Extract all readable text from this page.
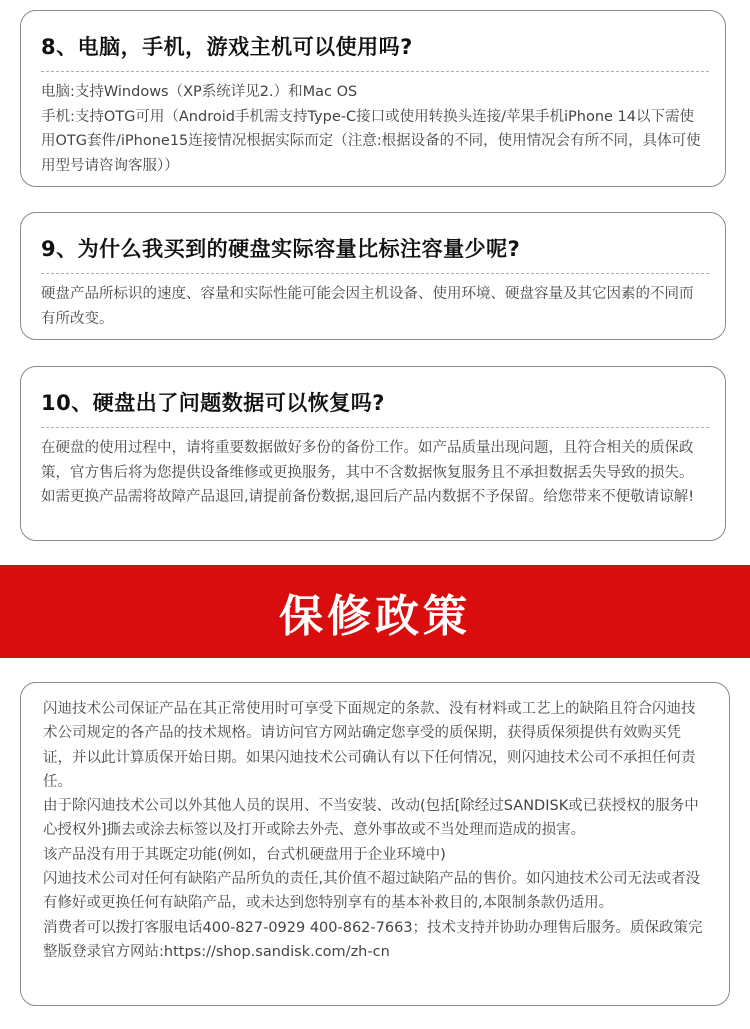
8、电脑，手机，游戏主机可以使用吗?

电脑:支持Windows（XP系统详见2.）和Mac OS

手机:支持OTG可用（Android手机需支持Type-C接口或使用转换头连接/苹果手机iPhone 14以下需使用OTG套件/iPhone15连接情况根据实际而定（注意:根据设备的不同，使用情况会有所不同，具体可使用型号请咨询客服））

9、为什么我买到的硬盘实际容量比标注容量少呢?

硬盘产品所标识的速度、容量和实际性能可能会因主机设备、使用环境、硬盘容量及其它因素的不同而有所改变。

10、硬盘出了问题数据可以恢复吗?

在硬盘的使用过程中，请将重要数据做好多份的备份工作。如产品质量出现问题，且符合相关的质保政策，官方售后将为您提供设备维修或更换服务，其中不含数据恢复服务且不承担数据丢失导致的损失。如需更换产品需将故障产品退回,请提前备份数据,退回后产品内数据不予保留。给您带来不便敬请谅解!

保修政策

闪迪技术公司保证产品在其正常使用时可享受下面规定的条款、没有材料或工艺上的缺陷且符合闪迪技术公司规定的各产品的技术规格。请访问官方网站确定您享受的质保期，获得质保须提供有效购买凭证，并以此计算质保开始日期。如果闪迪技术公司确认有以下任何情况，则闪迪技术公司不承担任何责任。

由于除闪迪技术公司以外其他人员的误用、不当安装、改动(包括[除经过SANDISK或已获授权的服务中心授权外]撕去或涂去标签以及打开或除去外壳、意外事故或不当处理而造成的损害。

该产品没有用于其既定功能(例如，台式机硬盘用于企业环境中)

闪迪技术公司对任何有缺陷产品所负的责任,其价值不超过缺陷产品的售价。如闪迪技术公司无法或者没有修好或更换任何有缺陷产品，或未达到您特别享有的基本补救目的,本限制条款仍适用。

消费者可以拨打客服电话400-827-0929 400-862-7663；技术支持并协助办理售后服务。质保政策完整版登录官方网站:https://shop.sandisk.com/zh-cn
